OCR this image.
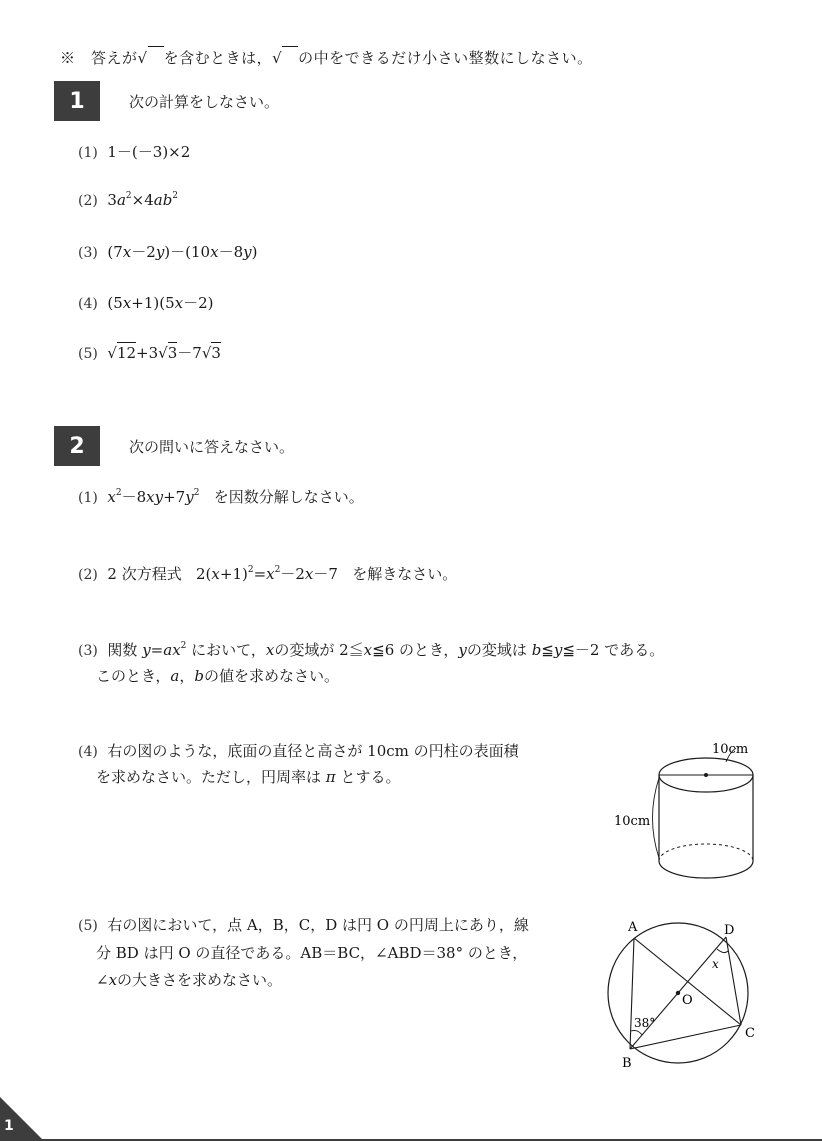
※　答えが√ を含むときは，√ の中をできるだけ小さい整数にしなさい。
1	次の計算をしなさい。
(1) 1－(－3)×2
(2) $3a^2\times 4ab^2$
(3) (7x－2y)－(10x－8y)
(4) (5x+1)(5x－2)
(5)  √12+3√3－7√3
2	次の問いに答えなさい。
(1) $x^2-8xy+7y^2$ を因数分解しなさい。
(2) 2 次方程式 $2(x+1)^2=x^2-2x-7$ を解きなさい。
(3) 関数 $y=ax^2$ において，xの変域が 2≦x≦6 のとき，yの変域は b≦y≦－2 である。
このとき，a，bの値を求めなさい。
(4) 右の図のような，底面の直径と高さが 10cm の円柱の表面積
を求めなさい。ただし，円周率は π とする。
10cm
10cm
(5) 右の図において，点 A，B，C，D は円 O の円周上にあり，線
分 BD は円 O の直径である。AB＝BC，∠ABD＝38° のとき，
∠xの大きさを求めなさい。
A
B
C
D
O
x
38°
1
